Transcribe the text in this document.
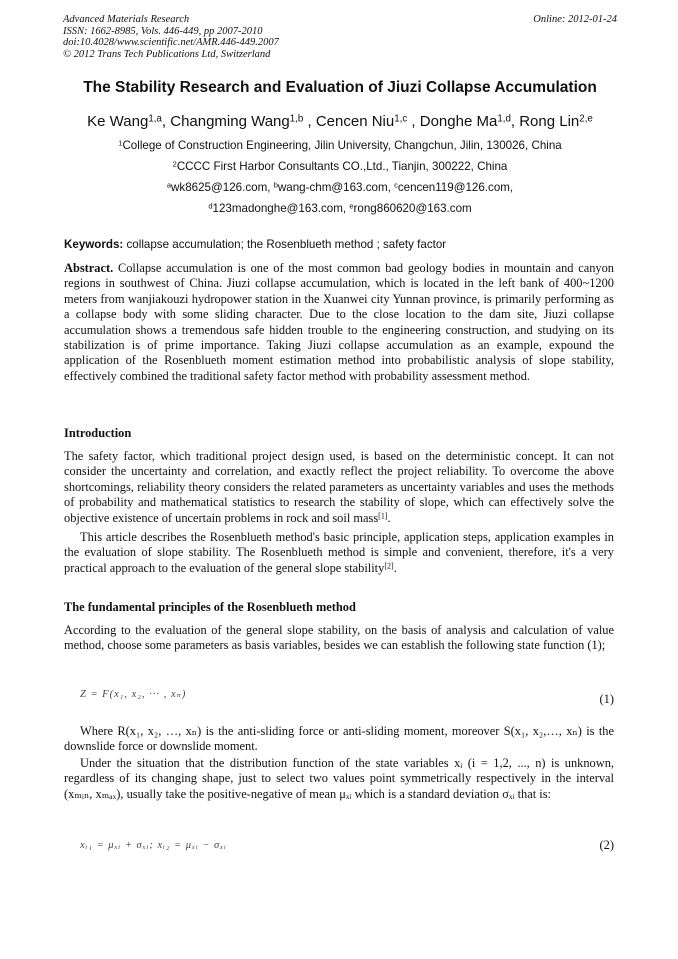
Advanced Materials Research
ISSN: 1662-8985, Vols. 446-449, pp 2007-2010
doi:10.4028/www.scientific.net/AMR.446-449.2007
© 2012 Trans Tech Publications Ltd, Switzerland
Online: 2012-01-24
The Stability Research and Evaluation of Jiuzi Collapse Accumulation
Ke Wang$^{1,a}$, Changming Wang$^{1,b}$ , Cencen Niu$^{1,c}$ , Donghe Ma$^{1,d}$, Rong Lin$^{2,e}$
$^1$College of Construction Engineering, Jilin University, Changchun, Jilin, 130026, China
$^2$CCCC First Harbor Consultants CO.,Ltd., Tianjin, 300222, China
$^a$wk8625@126.com, $^b$wang-chm@163.com, $^c$cencen119@126.com,
$^d$123madonghe@163.com, $^e$rong860620@163.com
Keywords: collapse accumulation; the Rosenblueth method ; safety factor
Abstract. Collapse accumulation is one of the most common bad geology bodies in mountain and canyon regions in southwest of China. Jiuzi collapse accumulation, which is located in the left bank of 400~1200 meters from wanjiakouzi hydropower station in the Xuanwei city Yunnan province, is primarily performing as a collapse body with some sliding character. Due to the close location to the dam site, Jiuzi collapse accumulation shows a tremendous safe hidden trouble to the engineering construction, and studying on its stabilization is of prime importance. Taking Jiuzi collapse accumulation as an example, expound the application of the Rosenblueth moment estimation method into probabilistic analysis of slope stability, effectively combined the traditional safety factor method with probability assessment method.
Introduction
The safety factor, which traditional project design used, is based on the deterministic concept. It can not consider the uncertainty and correlation, and exactly reflect the project reliability. To overcome the above shortcomings, reliability theory considers the related parameters as uncertainty variables and uses the methods of probability and mathematical statistics to research the stability of slope, which can effectively solve the objective existence of uncertain problems in rock and soil mass[1].
This article describes the Rosenblueth method's basic principle, application steps, application examples in the evaluation of slope stability. The Rosenblueth method is simple and convenient, therefore, it's a very practical approach to the evaluation of the general slope stability[2].
The fundamental principles of the Rosenblueth method
According to the evaluation of the general slope stability, on the basis of analysis and calculation of value method, choose some parameters as basis variables, besides we can establish the following state function (1);
Z = F(x₁, x₂, ··· , xₙ)	(1)
Where R(x₁, x₂, …, xₙ) is the anti-sliding force or anti-sliding moment, moreover S(x₁, x₂,…, xₙ) is the downslide force or downslide moment.
Under the situation that the distribution function of the state variables xᵢ (i = 1,2, ..., n) is unknown, regardless of its changing shape, just to select two values point symmetrically respectively in the interval (xₘᵢₙ, xₘₐₓ), usually take the positive-negative of mean μₓᵢ which is a standard deviation σₓᵢ that is:
xᵢ₁ = μₓᵢ + σₓᵢ; xᵢ₂ = μₓᵢ − σₓᵢ	(2)
